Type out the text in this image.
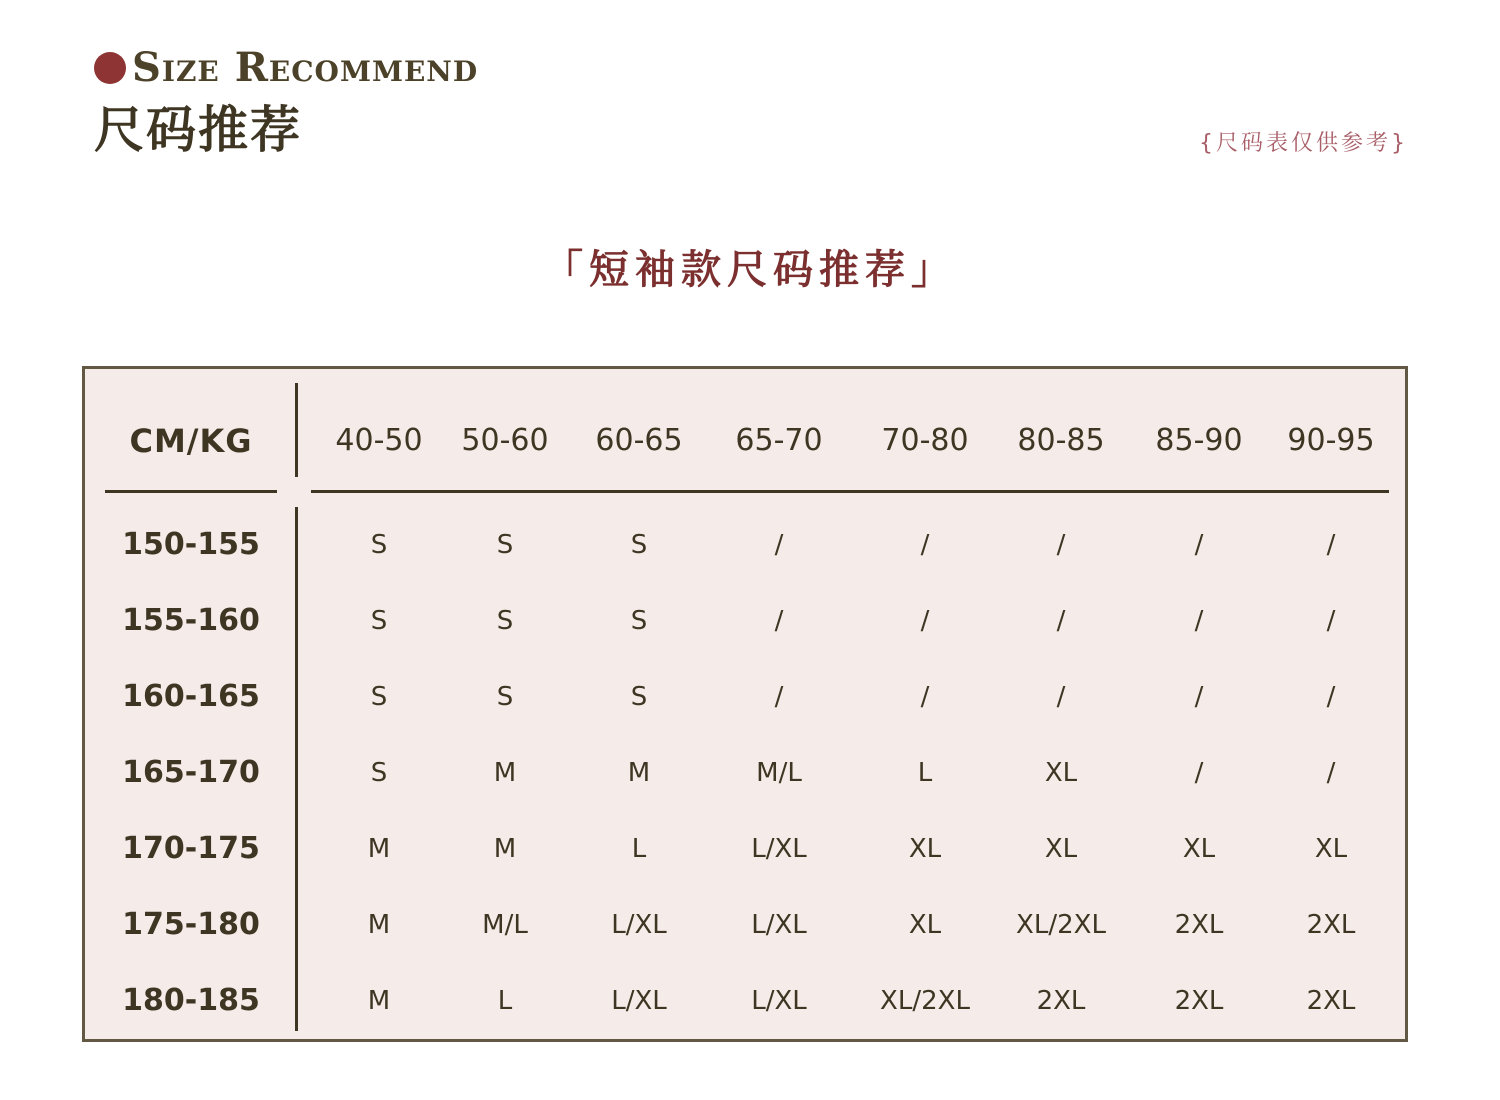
Size Recommend
尺码推荐	{尺码表仅供参考}
「短袖款尺码推荐」
CM/KG	40-50	50-60	60-65	65-70	70-80	80-85	85-90	90-95
150-155	S	S	S	/	/	/	/	/
155-160	S	S	S	/	/	/	/	/
160-165	S	S	S	/	/	/	/	/
165-170	S	M	M	M/L	L	XL	/	/
170-175	M	M	L	L/XL	XL	XL	XL	XL
175-180	M	M/L	L/XL	L/XL	XL	XL/2XL	2XL	2XL
180-185	M	L	L/XL	L/XL	XL/2XL	2XL	2XL	2XL
